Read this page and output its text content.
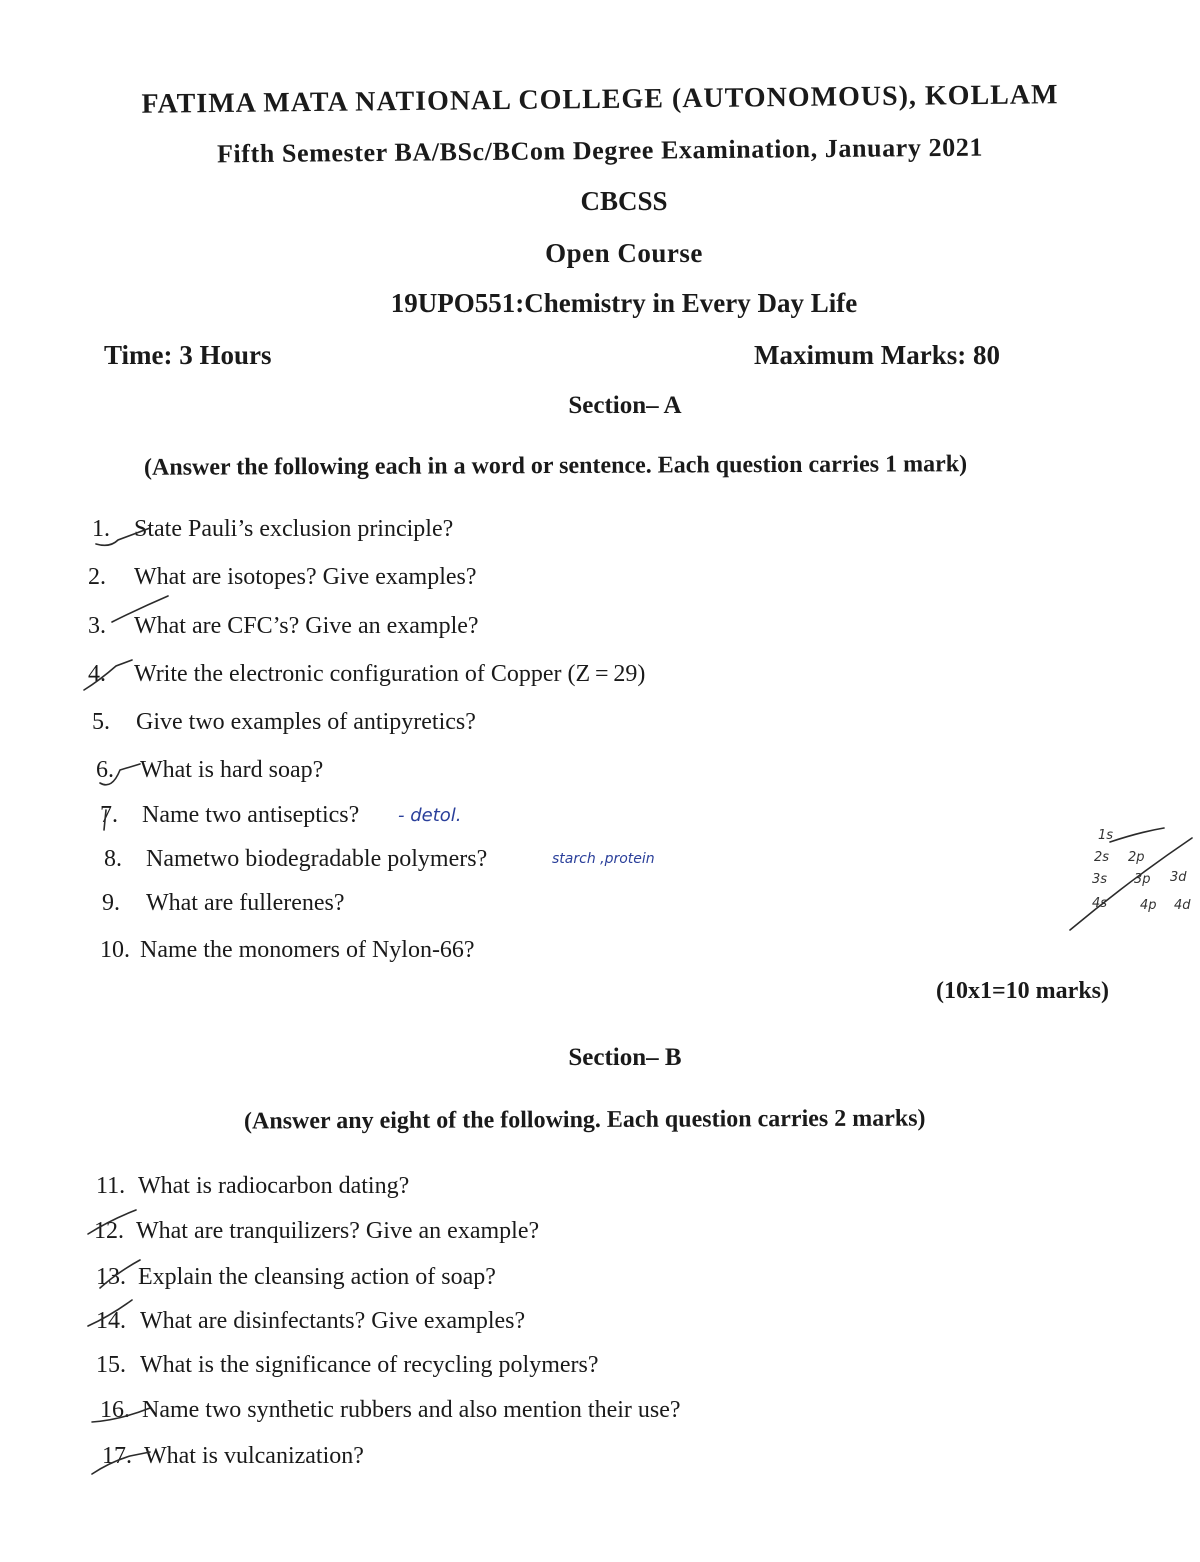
FATIMA MATA NATIONAL COLLEGE (AUTONOMOUS), KOLLAM
Fifth Semester BA/BSc/BCom Degree Examination, January 2021
CBCSS
Open Course
19UPO551:Chemistry in Every Day Life
Time: 3 Hours	Maximum Marks: 80
Section– A
(Answer the following each in a word or sentence. Each question carries 1 mark)
1.	State Pauli’s exclusion principle?
2.	What are isotopes? Give examples?
3.	What are CFC’s? Give an example?
4.	Write the electronic configuration of Copper (Z = 29)
5.	Give two examples of antipyretics?
6.	What is hard soap?
7.	Name two antiseptics?
8.	Nametwo biodegradable polymers?
9.	What are fullerenes?
10. Name the monomers of Nylon-66?
(10x1=10 marks)
Section– B
(Answer any eight of the following. Each question carries 2 marks)
11. What is radiocarbon dating?
12. What are tranquilizers? Give an example?
13. Explain the cleansing action of soap?
14. What are disinfectants? Give examples?
15. What is the significance of recycling polymers?
16. Name two synthetic rubbers and also mention their use?
17. What is vulcanization?
- detol.
starch ,protein
1s
2s 2p
3s 3p 3d
4s	4p 4d
